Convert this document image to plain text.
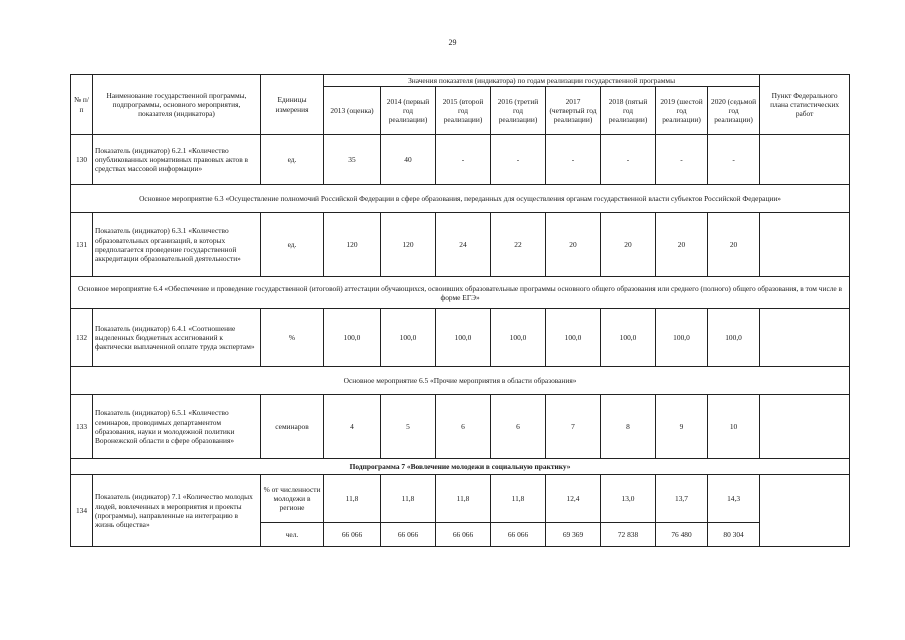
29
№ п/п	Наименование государственной программы, подпрограммы, основного мероприятия, показателя (индикатора)	Единицы измерения	Значения показателя (индикатора) по годам реализации государственной программы								Пункт Федерального плана статистических работ
			2013 (оценка)	2014 (первый год реализации)	2015 (второй год реализации)	2016 (третий год реализации)	2017 (четвертый год реализации)	2018 (пятый год реализации)	2019 (шестой год реализации)	2020 (седьмой год реализации)	
130	Показатель (индикатор) 6.2.1 «Количество опубликованных нормативных правовых актов в средствах массовой информации»	ед.	35	40	-	-	-	-	-	-	
Основное мероприятие 6.3 «Осуществление полномочий Российской Федерации в сфере образования, переданных для осуществления органам государственной власти субъектов Российской Федерации»											
131	Показатель (индикатор) 6.3.1 «Количество образовательных организаций, в которых предполагается проведение государственной аккредитации образовательной деятельности»	ед.	120	120	24	22	20	20	20	20	
Основное мероприятие 6.4 «Обеспечение и проведение государственной (итоговой) аттестации обучающихся, освоивших образовательные программы основного общего образования или среднего (полного) общего образования, в том числе в форме ЕГЭ»											
132	Показатель (индикатор) 6.4.1 «Соотношение выделенных бюджетных ассигнований к фактически выплаченной оплате труда экспертам»	%	100,0	100,0	100,0	100,0	100,0	100,0	100,0	100,0	
Основное мероприятие 6.5 «Прочие мероприятия в области образования»											
133	Показатель (индикатор) 6.5.1 «Количество семинаров, проводимых департаментом образования, науки и молодежной политики Воронежской области в сфере образования»	семинаров	4	5	6	6	7	8	9	10	
Подпрограмма 7 «Вовлечение молодежи в социальную практику»											
134	Показатель (индикатор) 7.1 «Количество молодых людей, вовлеченных в мероприятия и проекты (программы), направленные на интеграцию в жизнь общества»	% от численности молодежи в регионе	11,8	11,8	11,8	11,8	12,4	13,0	13,7	14,3	
		чел.	66 066	66 066	66 066	66 066	69 369	72 838	76 480	80 304	
